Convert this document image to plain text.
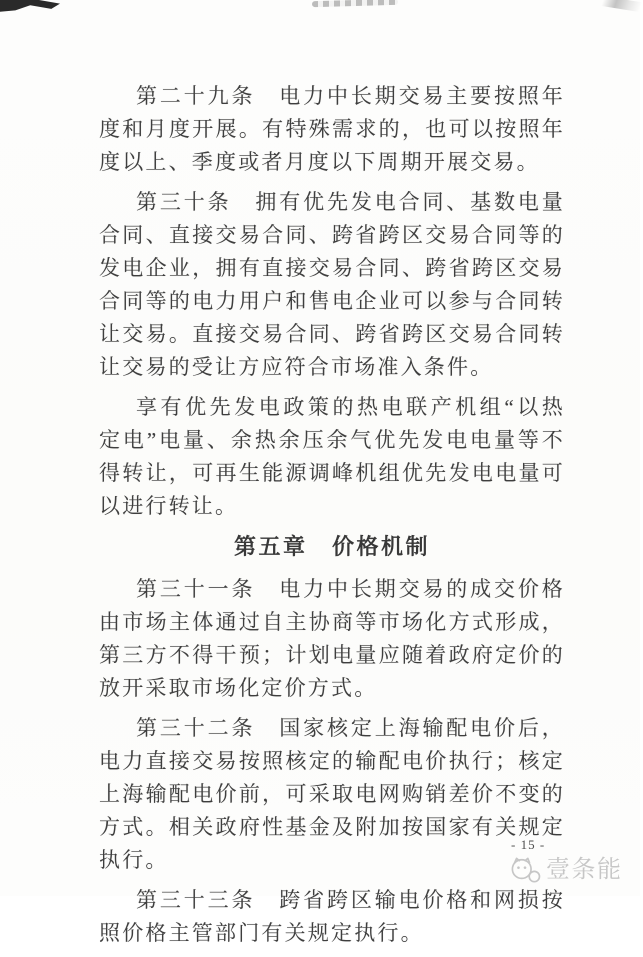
第二十九条　电力中长期交易主要按照年度和月度开展。有特殊需求的，也可以按照年度以上、季度或者月度以下周期开展交易。

第三十条　拥有优先发电合同、基数电量合同、直接交易合同、跨省跨区交易合同等的发电企业，拥有直接交易合同、跨省跨区交易合同等的电力用户和售电企业可以参与合同转让交易。直接交易合同、跨省跨区交易合同转让交易的受让方应符合市场准入条件。

享有优先发电政策的热电联产机组“以热定电”电量、余热余压余气优先发电电量等不得转让，可再生能源调峰机组优先发电电量可以进行转让。

第五章　价格机制

第三十一条　电力中长期交易的成交价格由市场主体通过自主协商等市场化方式形成，第三方不得干预；计划电量应随着政府定价的放开采取市场化定价方式。

第三十二条　国家核定上海输配电价后，电力直接交易按照核定的输配电价执行；核定上海输配电价前，可采取电网购销差价不变的方式。相关政府性基金及附加按国家有关规定执行。

第三十三条　跨省跨区输电价格和网损按照价格主管部门有关规定执行。

- 15 -
壹条能
